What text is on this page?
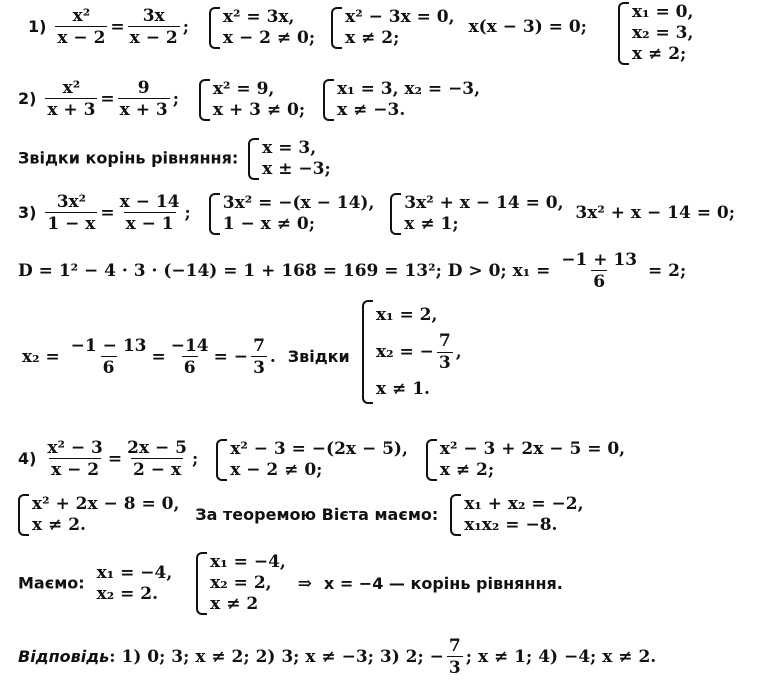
$1) \frac{\text{x²}}{x - 2} = \frac{3x}{x - 2}$ ;
x² = 3x,
x − 2 ≠ 0;

x² − 3x = 0,
x ≠ 2;
x(x − 3) = 0;
x₁ = 0,
x₂ = 3,
x ≠ 2;
$2) \frac{\text{x²}}{x + 3} = \frac{9}{x + 3}$ ;
x² = 9,
x + 3 ≠ 0;

x₁ = 3, x₂ = −3,
x ≠ −3.
Звідки корінь рівняння: x = 3,
x ± −3;
$3) \frac{\text{3x²}}{1 - x} = \frac{x - 14}{x - 1}$ ;
3x² = −(x − 14),
1 − x ≠ 0;

3x² + x − 14 = 0,
x ≠ 1;
3x² + x − 14 = 0;
D = 1² − 4 · 3 · (−14) = 1 + 168 = 169 = 13²; D > 0; $x_1 = \frac{-1 + 13}{6} = 2$;
$x_2 = \frac{-1 - 13}{6} = \frac{-14}{6}$ = − $\frac{7}{3}$ . Звідки
x₁ = 2,
x₂ = − $\frac{7}{3}$ ,
x ≠ 1.
$4) \frac{\text{x² − 3}}{x - 2} = \frac{2x - 5}{2 - x}$ ;
x² − 3 = −(2x − 5),
x − 2 ≠ 0;

x² − 3 + 2x − 5 = 0,
x ≠ 2;
x² + 2x − 8 = 0,
x ≠ 2.
За теоремою Вієта маємо: x₁ + x₂ = −2,
x₁x₂ = −8.
Маємо:
x₁ = −4,
x₂ = 2.

x₁ = −4,
x₂ = 2,
x ≠ 2
⇒ x = −4 — корінь рівняння.
Відповідь: 1) 0; 3; x ≠ 2; 2) 3; x ≠ −3; 3) 2; − $\frac{7}{3}$ ; x ≠ 1; 4) −4; x ≠ 2.
